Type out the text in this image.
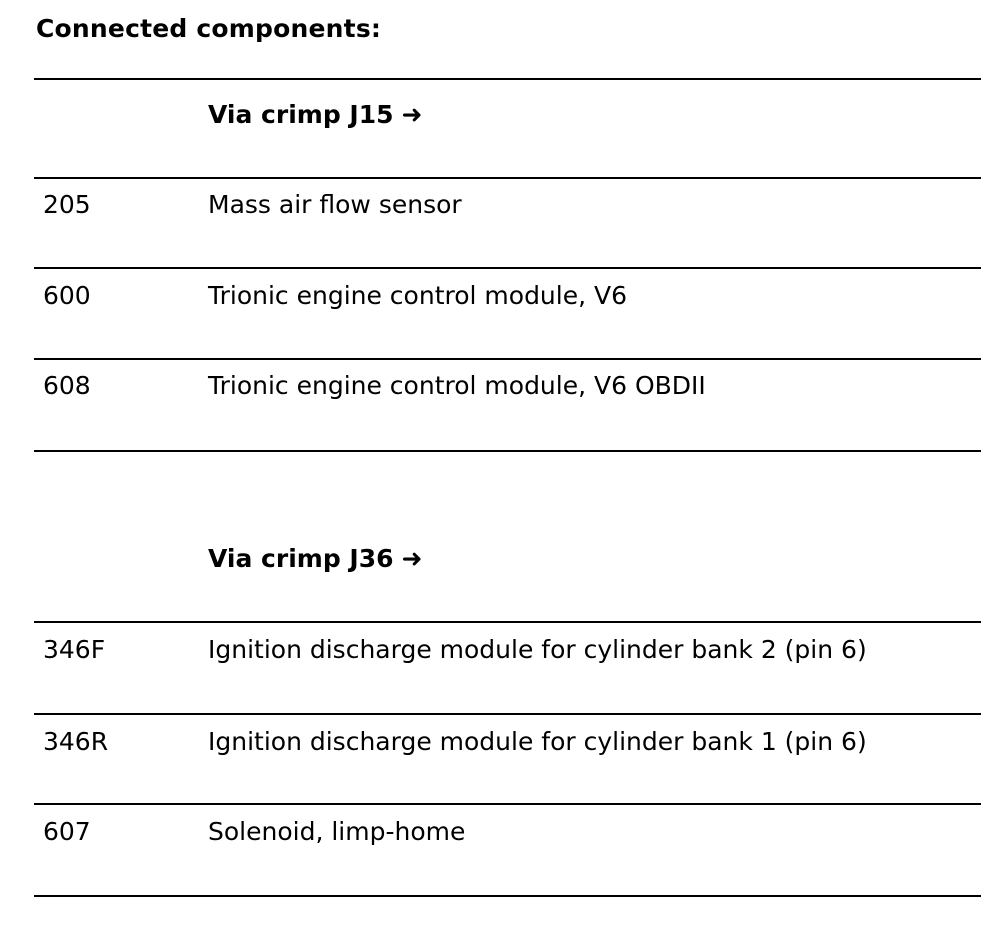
Connected components:
Via crimp J15 ➜
205	Mass air flow sensor
600	Trionic engine control module, V6
608	Trionic engine control module, V6 OBDII
Via crimp J36 ➜
346F	Ignition discharge module for cylinder bank 2 (pin 6)
346R	Ignition discharge module for cylinder bank 1 (pin 6)
607	Solenoid, limp-home
